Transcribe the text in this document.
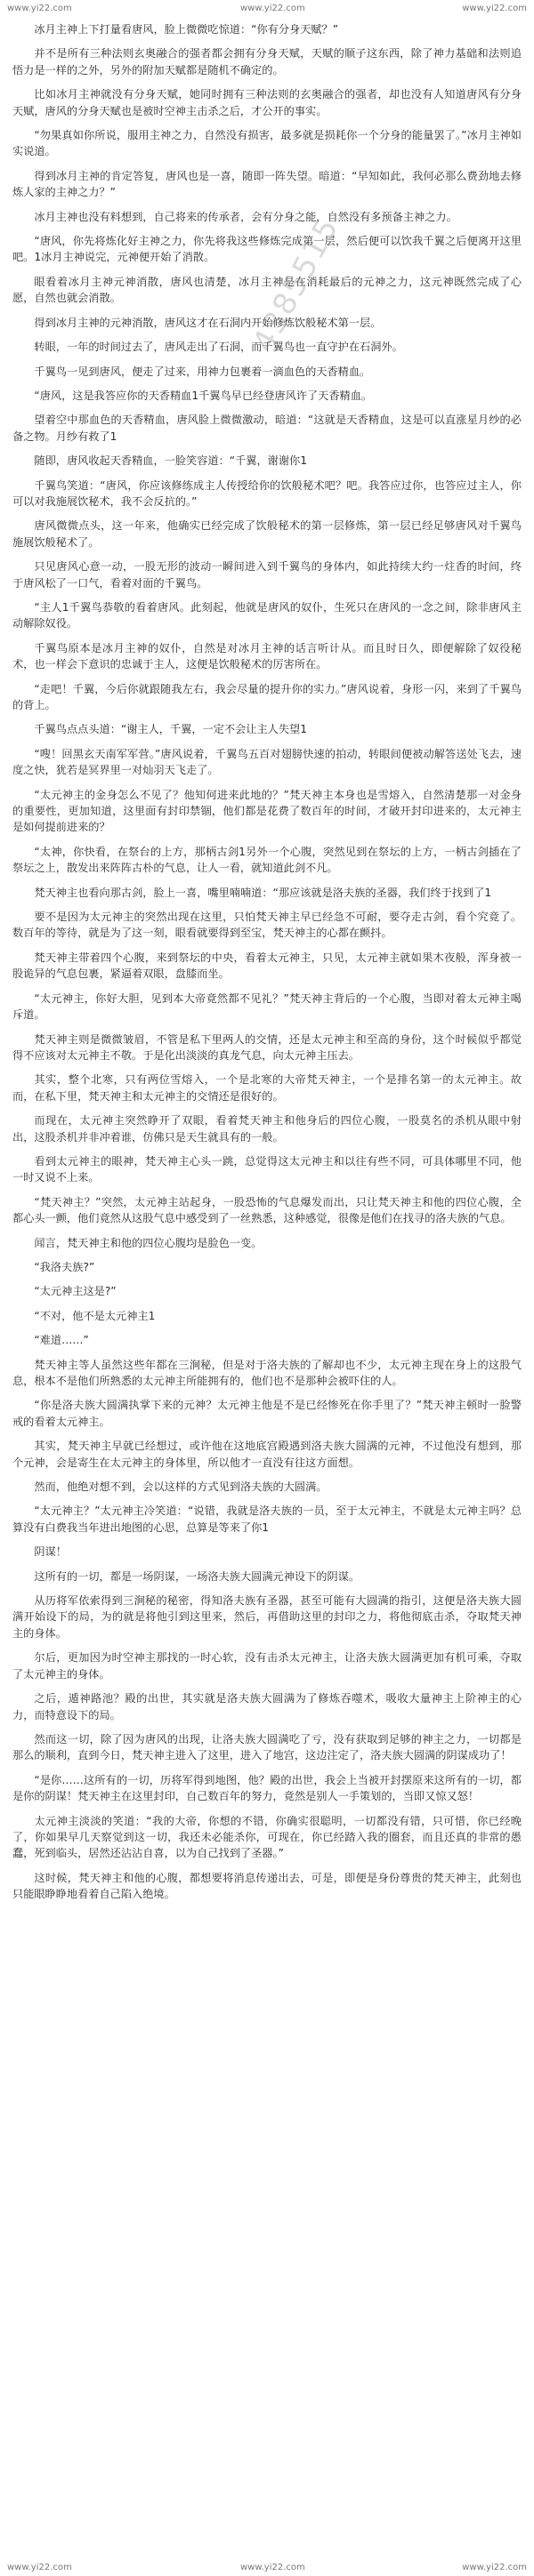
www.yi22.com	www.yi22.com	www.yi22.com

冰月主神上下打量看唐风，脸上微微吃惊道：“你有分身天赋？”

并不是所有三种法则玄奥融合的强者都会拥有分身天赋，天赋的顺子这东西，除了神力基础和法则追悟力是一样的之外，另外的附加天赋都是随机不确定的。

比如冰月主神就没有分身天赋，她同时拥有三种法则的玄奥融合的强者，却也没有人知道唐风有分身天赋，唐风的分身天赋也是被时空神主击杀之后，才公开的事实。

“勿果真如你所说，服用主神之力，自然没有损害，最多就是损耗你一个分身的能量罢了。”冰月主神如实说道。

得到冰月主神的肯定答复，唐风也是一喜，随即一阵失望。暗道：“早知如此，我何必那么费劲地去修炼人家的主神之力？”

冰月主神也没有料想到，自己将来的传承者，会有分身之能，自然没有多预备主神之力。

“唐风，你先将炼化好主神之力，你先将我这些修炼完成第一层，然后便可以饮我千翼之后便离开这里吧。1冰月主神说完，元神便开始了消散。

眼看着冰月主神元神消散，唐风也清楚，冰月主神是在消耗最后的元神之力，这元神既然完成了心愿，自然也就会消散。

得到冰月主神的元神消散，唐风这才在石洞内开始修炼饮般秘术第一层。

转眼，一年的时间过去了，唐风走出了石洞，而千翼鸟也一直守护在石洞外。

千翼鸟一见到唐风，便走了过来，用神力包裹着一滴血色的天香精血。

“唐风，这是我答应你的天香精血1千翼鸟早已经登唐风许了天香精血。

望着空中那血色的天香精血，唐风脸上微微激动，暗道：“这就是天香精血，这是可以直涨星月纱的必备之物。月纱有救了1

随即，唐风收起天香精血，一脸笑容道：“千翼，谢谢你1

千翼鸟笑道：“唐风，你应该修练成主人传授给你的饮般秘术吧？吧。我答应过你，也答应过主人，你可以对我施展饮秘术，我不会反抗的。”

唐风微微点头，这一年来，他确实已经完成了饮般秘术的第一层修炼，第一层已经足够唐风对千翼鸟施展饮般秘术了。

只见唐风心意一动，一股无形的波动一瞬间进入到千翼鸟的身体内，如此持续大约一炷香的时间，终于唐风松了一口气，看着对面的千翼鸟。

“主人1千翼鸟恭敬的看着唐风。此刻起，他就是唐风的奴仆，生死只在唐风的一念之间，除非唐风主动解除奴役。

千翼鸟原本是冰月主神的奴仆，自然是对冰月主神的话言听计从。而且时日久，即便解除了奴役秘术，也一样会下意识的忠诚于主人，这便是饮般秘术的厉害所在。

“走吧！千翼，今后你就跟随我左右，我会尽量的提升你的实力。”唐风说着，身形一闪，来到了千翼鸟的背上。

千翼鸟点点头道：“谢主人，千翼，一定不会让主人失望1

“嗖！回黑玄天南军军营。”唐风说着，千翼鸟五百对翅膀快速的拍动，转眼间便被动解答送处飞去，速度之快，犹若是冥界里一对灿羽天飞走了。

“太元神主的金身怎么不见了？他知何进来此地的？”梵天神主本身也是雪熔入，自然清楚那一对金身的重要性，更加知道，这里面有封印禁锢，他们都是花费了数百年的时间，才破开封印进来的，太元神主是如何提前进来的？

“太神，你快看，在祭台的上方，那柄古剑1另外一个心腹，突然见到在祭坛的上方，一柄古剑插在了祭坛之上，散发出来阵阵古朴的气息，让人一看，就知道此剑不凡。

梵天神主也看向那古剑，脸上一喜，嘴里喃喃道：“那应该就是洛夫族的圣器，我们终于找到了1

要不是因为太元神主的突然出现在这里，只怕梵天神主早已经急不可耐，要夺走古剑，看个究竟了。数百年的等待，就是为了这一刻，眼看就要得到至宝，梵天神主的心都在颤抖。

梵天神主带着四个心腹，来到祭坛的中央，看着太元神主，只见，太元神主就如果木夜般，浑身被一股诡异的气息包裹，紧逼着双眼，盘膝而坐。

“太元神主，你好大胆，见到本大帝竟然都不见礼？”梵天神主背后的一个心腹，当即对着太元神主喝斥道。

梵天神主则是微微皱眉，不管是私下里两人的交情，还是太元神主和至高的身份，这个时候似乎都觉得不应该对太元神主不敬。于是化出淡淡的真龙气息，向太元神主压去。

其实，整个北寒，只有两位雪熔入，一个是北寒的大帝梵天神主，一个是排名第一的太元神主。故而，在私下里，梵天神主和太元神主的交情还是很好的。

而现在，太元神主突然睁开了双眼，看着梵天神主和他身后的四位心腹，一股莫名的杀机从眼中射出，这股杀机并非冲着谁，仿佛只是天生就具有的一般。

看到太元神主的眼神，梵天神主心头一跳，总觉得这太元神主和以往有些不同，可具体哪里不同，他一时又说不上来。

“梵天神主？”突然，太元神主站起身，一股恐怖的气息爆发而出，只让梵天神主和他的四位心腹，全都心头一颤，他们竟然从这股气息中感受到了一丝熟悉，这种感觉，很像是他们在找寻的洛夫族的气息。

闻言，梵天神主和他的四位心腹均是脸色一变。

“我洛夫族?”

“太元神主这是?”

“不对，他不是太元神主1

“难道……”

梵天神主等人虽然这些年都在三涧秘，但是对于洛夫族的了解却也不少，太元神主现在身上的这股气息，根本不是他们所熟悉的太元神主所能拥有的，他们也不是那种会被吓住的人。

“你是洛夫族大圆满执掌下来的元神？太元神主他是不是已经惨死在你手里了？”梵天神主顿时一脸警戒的看着太元神主。

其实，梵天神主早就已经想过，或许他在这地底宫殿遇到洛夫族大圆满的元神，不过他没有想到，那个元神，会是寄生在太元神主的身体里，所以他才一直没有往这方面想。

然而，他绝对想不到，会以这样的方式见到洛夫族的大圆满。

“太元神主？”太元神主冷笑道：“说错，我就是洛夫族的一员，至于太元神主，不就是太元神主吗？总算没有白费我当年进出地图的心思，总算是等来了你1

阴谋！

这所有的一切，都是一场阴谋，一场洛夫族大圆满元神设下的阴谋。

从历将军依索得到三涧秘的秘密，得知洛夫族有圣器，甚至可能有大圆满的指引，这便是洛夫族大圆满开始设下的局，为的就是将他引到这里来，然后，再借助这里的封印之力，将他彻底击杀，夺取梵天神主的身体。

尔后，更加因为时空神主那找的一时心软，没有击杀太元神主，让洛夫族大圆满更加有机可乘，夺取了太元神主的身体。

之后，遁神路池？殿的出世，其实就是洛夫族大圆满为了修炼吞噬术，吸收大量神主上阶神主的心力，而特意设下的局。

然而这一切，除了因为唐风的出现，让洛夫族大圆满吃了亏，没有获取到足够的神主之力，一切都是那么的顺利，直到今日，梵天神主进入了这里，进入了地宫，这边注定了，洛夫族大圆满的阴谋成功了！

“是你……这所有的一切，历将军得到地图，他？殿的出世，我会上当被开封摆原来这所有的一切，都是你的阴谋！梵天神主在这里封印，自己数百年的努力，竟然是别人一手策划的，当即又惊又怒！

太元神主淡淡的笑道：“我的大帝，你想的不错，你确实很聪明，一切都没有错，只可惜，你已经晚了，你如果早几天察觉到这一切，我还未必能杀你，可现在，你已经踏入我的圈套，而且还真的非常的愚蠢，死到临头，居然还沾沾自喜，以为自己找到了圣器。”

这时候，梵天神主和他的心腹，都想要将消息传递出去，可是，即便是身份尊贵的梵天神主，此刻也只能眼睁睁地看着自己陷入绝境。

4385515
www.yi22.com	www.yi22.com	www.yi22.com
